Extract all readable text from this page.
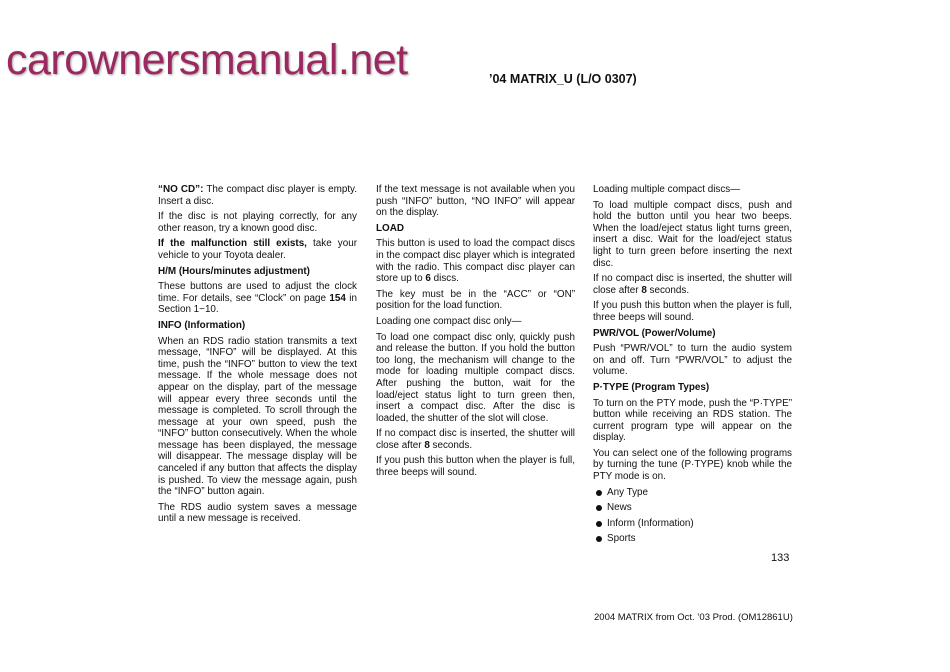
carownersmanual.net	’04 MATRIX_U (L/O 0307)

“NO CD”: The compact disc player is empty. Insert a disc.

If the disc is not playing correctly, for any other reason, try a known good disc.

If the malfunction still exists, take your vehicle to your Toyota dealer.

H/M (Hours/minutes adjustment)

These buttons are used to adjust the clock time. For details, see “Clock” on page 154 in Section 1−10.

INFO (Information)

When an RDS radio station transmits a text message, “INFO” will be displayed. At this time, push the “INFO” button to view the text message. If the whole message does not appear on the display, part of the message will appear every three seconds until the message is completed. To scroll through the message at your own speed, push the “INFO” button consecutively. When the whole message has been displayed, the message will disappear. The message display will be canceled if any button that affects the display is pushed. To view the message again, push the “INFO” button again.

The RDS audio system saves a message until a new message is received.

If the text message is not available when you push “INFO” button, “NO INFO” will appear on the display.

LOAD

This button is used to load the compact discs in the compact disc player which is integrated with the radio. This compact disc player can store up to 6 discs.

The key must be in the “ACC” or “ON” position for the load function.

Loading one compact disc only—

To load one compact disc only, quickly push and release the button. If you hold the button too long, the mechanism will change to the mode for loading multiple compact discs. After pushing the button, wait for the load/eject status light to turn green then, insert a compact disc. After the disc is loaded, the shutter of the slot will close.

If no compact disc is inserted, the shutter will close after 8 seconds.

If you push this button when the player is full, three beeps will sound.

Loading multiple compact discs—

To load multiple compact discs, push and hold the button until you hear two beeps. When the load/eject status light turns green, insert a disc. Wait for the load/eject status light to turn green before inserting the next disc.

If no compact disc is inserted, the shutter will close after 8 seconds.

If you push this button when the player is full, three beeps will sound.

PWR/VOL (Power/Volume)

Push “PWR/VOL” to turn the audio system on and off. Turn “PWR/VOL” to adjust the volume.

P·TYPE (Program Types)

To turn on the PTY mode, push the “P·TYPE” button while receiving an RDS station. The current program type will appear on the display.

You can select one of the following programs by turning the tune (P·TYPE) knob while the PTY mode is on.

Any Type
News
Inform (Information)
Sports
133
2004 MATRIX from Oct. ’03 Prod. (OM12861U)
